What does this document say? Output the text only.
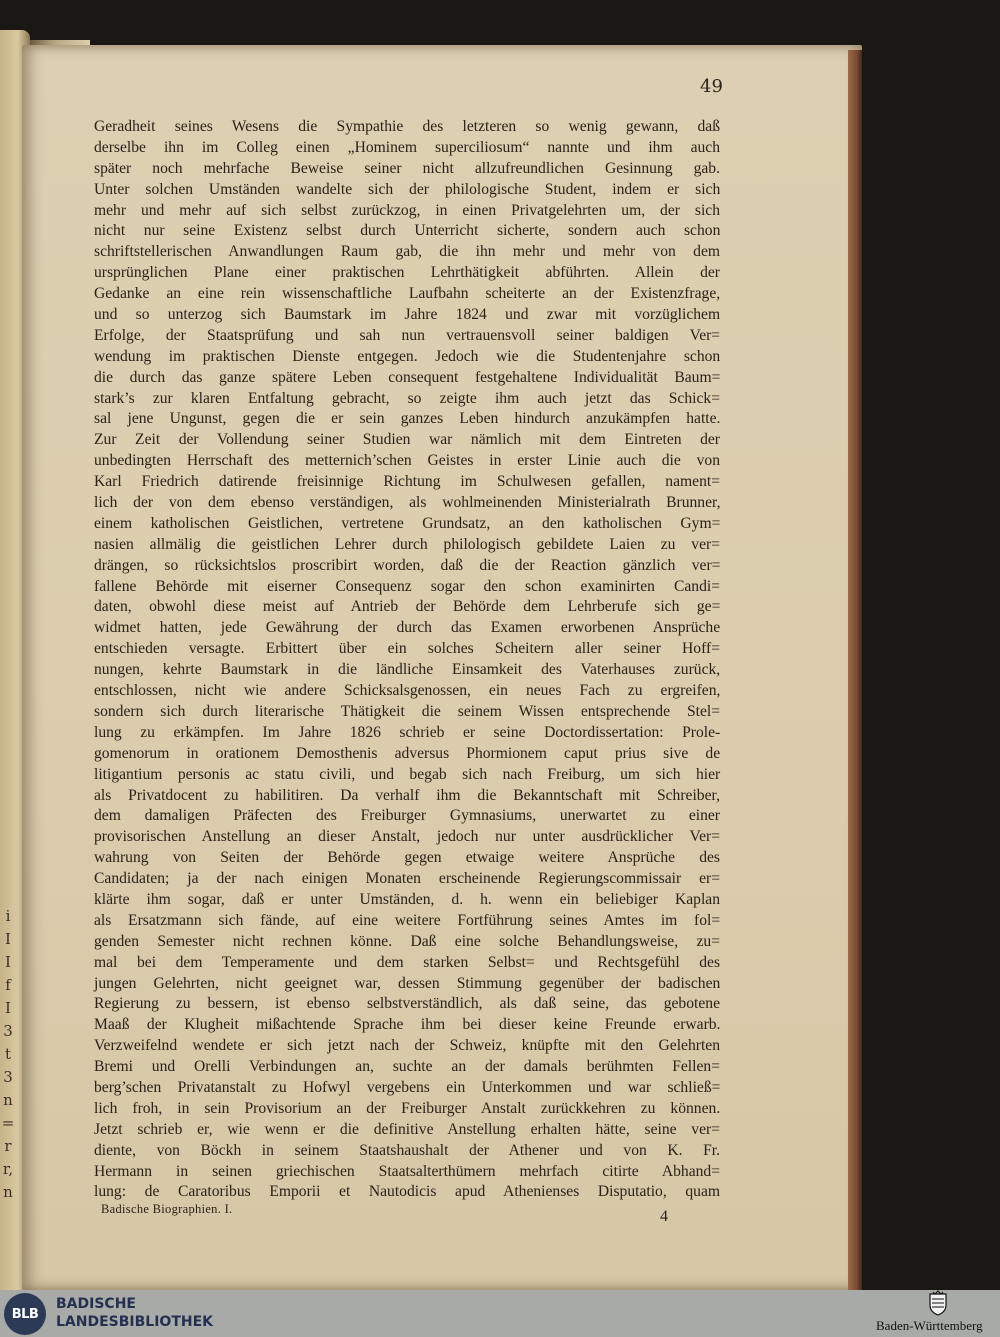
i
I
I
f
I
3
t
3
n
=
r
r,
n
49
Geradheit seines Wesens die Sympathie des letzteren so wenig gewann, daß
derselbe ihn im Colleg einen „Hominem superciliosum“ nannte und ihm auch
später noch mehrfache Beweise seiner nicht allzufreundlichen Gesinnung gab.
Unter solchen Umständen wandelte sich der philologische Student, indem er sich
mehr und mehr auf sich selbst zurückzog, in einen Privatgelehrten um, der sich
nicht nur seine Existenz selbst durch Unterricht sicherte, sondern auch schon
schriftstellerischen Anwandlungen Raum gab, die ihn mehr und mehr von dem
ursprünglichen Plane einer praktischen Lehrthätigkeit abführten. Allein der
Gedanke an eine rein wissenschaftliche Laufbahn scheiterte an der Existenzfrage,
und so unterzog sich Baumstark im Jahre 1824 und zwar mit vorzüglichem
Erfolge, der Staatsprüfung und sah nun vertrauensvoll seiner baldigen Ver=
wendung im praktischen Dienste entgegen. Jedoch wie die Studentenjahre schon
die durch das ganze spätere Leben consequent festgehaltene Individualität Baum=
stark’s zur klaren Entfaltung gebracht, so zeigte ihm auch jetzt das Schick=
sal jene Ungunst, gegen die er sein ganzes Leben hindurch anzukämpfen hatte.
Zur Zeit der Vollendung seiner Studien war nämlich mit dem Eintreten der
unbedingten Herrschaft des metternich’schen Geistes in erster Linie auch die von
Karl Friedrich datirende freisinnige Richtung im Schulwesen gefallen, nament=
lich der von dem ebenso verständigen, als wohlmeinenden Ministerialrath Brunner,
einem katholischen Geistlichen, vertretene Grundsatz, an den katholischen Gym=
nasien allmälig die geistlichen Lehrer durch philologisch gebildete Laien zu ver=
drängen, so rücksichtslos proscribirt worden, daß die der Reaction gänzlich ver=
fallene Behörde mit eiserner Consequenz sogar den schon examinirten Candi=
daten, obwohl diese meist auf Antrieb der Behörde dem Lehrberufe sich ge=
widmet hatten, jede Gewährung der durch das Examen erworbenen Ansprüche
entschieden versagte. Erbittert über ein solches Scheitern aller seiner Hoff=
nungen, kehrte Baumstark in die ländliche Einsamkeit des Vaterhauses zurück,
entschlossen, nicht wie andere Schicksalsgenossen, ein neues Fach zu ergreifen,
sondern sich durch literarische Thätigkeit die seinem Wissen entsprechende Stel=
lung zu erkämpfen. Im Jahre 1826 schrieb er seine Doctordissertation: Prole-
gomenorum in orationem Demosthenis adversus Phormionem caput prius sive de
litigantium personis ac statu civili, und begab sich nach Freiburg, um sich hier
als Privatdocent zu habilitiren. Da verhalf ihm die Bekanntschaft mit Schreiber,
dem damaligen Präfecten des Freiburger Gymnasiums, unerwartet zu einer
provisorischen Anstellung an dieser Anstalt, jedoch nur unter ausdrücklicher Ver=
wahrung von Seiten der Behörde gegen etwaige weitere Ansprüche des
Candidaten; ja der nach einigen Monaten erscheinende Regierungscommissair er=
klärte ihm sogar, daß er unter Umständen, d. h. wenn ein beliebiger Kaplan
als Ersatzmann sich fände, auf eine weitere Fortführung seines Amtes im fol=
genden Semester nicht rechnen könne. Daß eine solche Behandlungsweise, zu=
mal bei dem Temperamente und dem starken Selbst= und Rechtsgefühl des
jungen Gelehrten, nicht geeignet war, dessen Stimmung gegenüber der badischen
Regierung zu bessern, ist ebenso selbstverständlich, als daß seine, das gebotene
Maaß der Klugheit mißachtende Sprache ihm bei dieser keine Freunde erwarb.
Verzweifelnd wendete er sich jetzt nach der Schweiz, knüpfte mit den Gelehrten
Bremi und Orelli Verbindungen an, suchte an der damals berühmten Fellen=
berg’schen Privatanstalt zu Hofwyl vergebens ein Unterkommen und war schließ=
lich froh, in sein Provisorium an der Freiburger Anstalt zurückkehren zu können.
Jetzt schrieb er, wie wenn er die definitive Anstellung erhalten hätte, seine ver=
diente, von Böckh in seinem Staatshaushalt der Athener und von K. Fr.
Hermann in seinen griechischen Staatsalterthümern mehrfach citirte Abhand=
lung: de Caratoribus Emporii et Nautodicis apud Athenienses Disputatio, quam
Badische Biographien. I.	4
BLB
BADISCHE
LANDESBIBLIOTHEK	Baden-Württemberg
